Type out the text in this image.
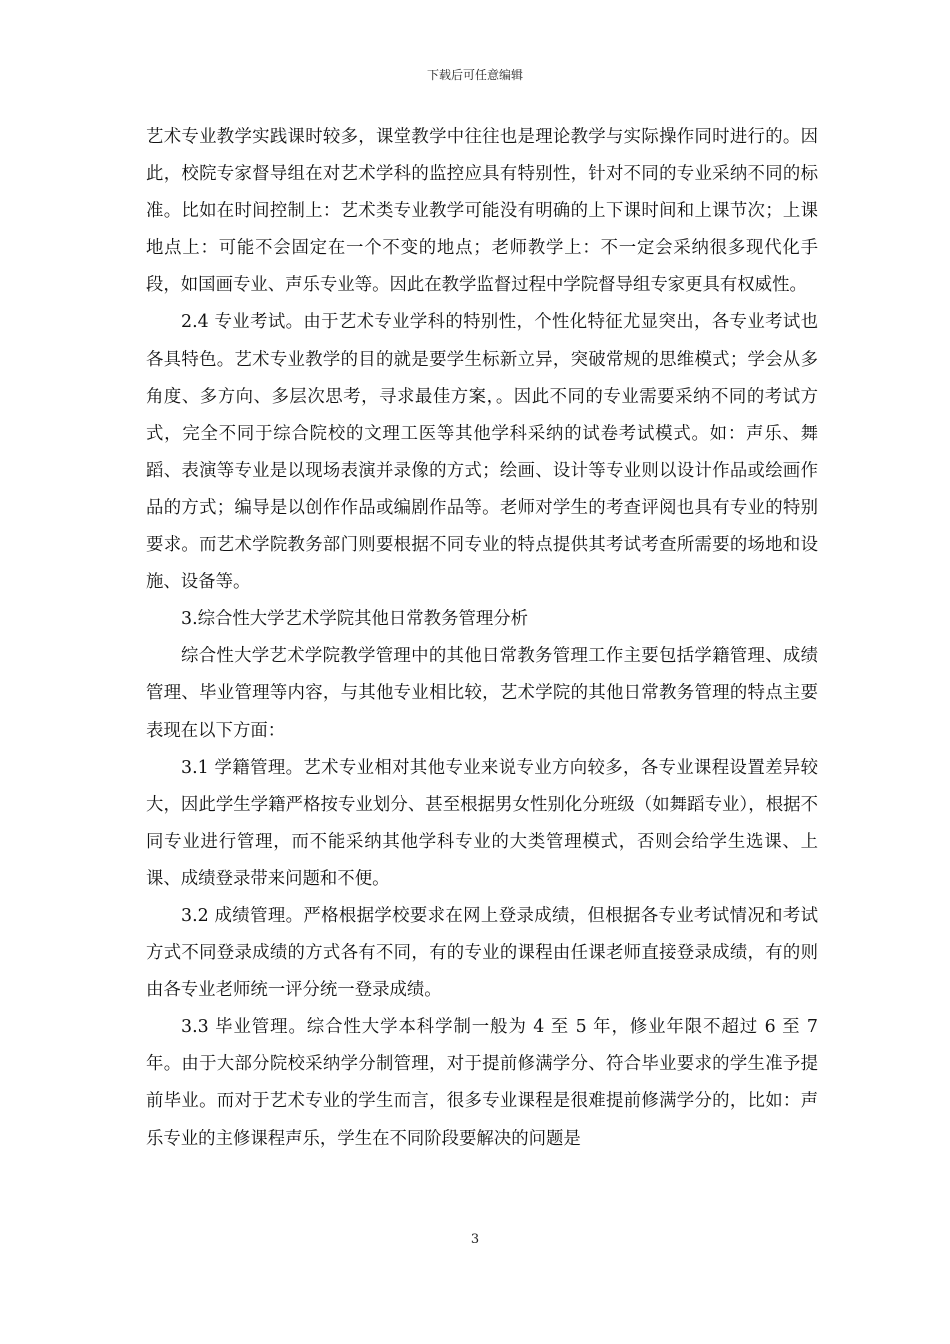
下载后可任意编辑

艺术专业教学实践课时较多，课堂教学中往往也是理论教学与实际操作同时进行的。因此，校院专家督导组在对艺术学科的监控应具有特别性，针对不同的专业采纳不同的标准。比如在时间控制上：艺术类专业教学可能没有明确的上下课时间和上课节次；上课地点上：可能不会固定在一个不变的地点；老师教学上：不一定会采纳很多现代化手段，如国画专业、声乐专业等。因此在教学监督过程中学院督导组专家更具有权威性。

2.4 专业考试。由于艺术专业学科的特别性，个性化特征尤显突出，各专业考试也各具特色。艺术专业教学的目的就是要学生标新立异，突破常规的思维模式；学会从多角度、多方向、多层次思考，寻求最佳方案，。因此不同的专业需要采纳不同的考试方式，完全不同于综合院校的文理工医等其他学科采纳的试卷考试模式。如：声乐、舞蹈、表演等专业是以现场表演并录像的方式；绘画、设计等专业则以设计作品或绘画作品的方式；编导是以创作作品或编剧作品等。老师对学生的考查评阅也具有专业的特别要求。而艺术学院教务部门则要根据不同专业的特点提供其考试考查所需要的场地和设施、设备等。

3.综合性大学艺术学院其他日常教务管理分析

综合性大学艺术学院教学管理中的其他日常教务管理工作主要包括学籍管理、成绩管理、毕业管理等内容，与其他专业相比较，艺术学院的其他日常教务管理的特点主要表现在以下方面：

3.1 学籍管理。艺术专业相对其他专业来说专业方向较多，各专业课程设置差异较大，因此学生学籍严格按专业划分、甚至根据男女性别化分班级（如舞蹈专业），根据不同专业进行管理，而不能采纳其他学科专业的大类管理模式，否则会给学生选课、上课、成绩登录带来问题和不便。

3.2 成绩管理。严格根据学校要求在网上登录成绩，但根据各专业考试情况和考试方式不同登录成绩的方式各有不同，有的专业的课程由任课老师直接登录成绩，有的则由各专业老师统一评分统一登录成绩。

3.3 毕业管理。综合性大学本科学制一般为 4 至 5 年，修业年限不超过 6 至 7 年。由于大部分院校采纳学分制管理，对于提前修满学分、符合毕业要求的学生准予提前毕业。而对于艺术专业的学生而言，很多专业课程是很难提前修满学分的，比如：声乐专业的主修课程声乐，学生在不同阶段要解决的问题是

3
